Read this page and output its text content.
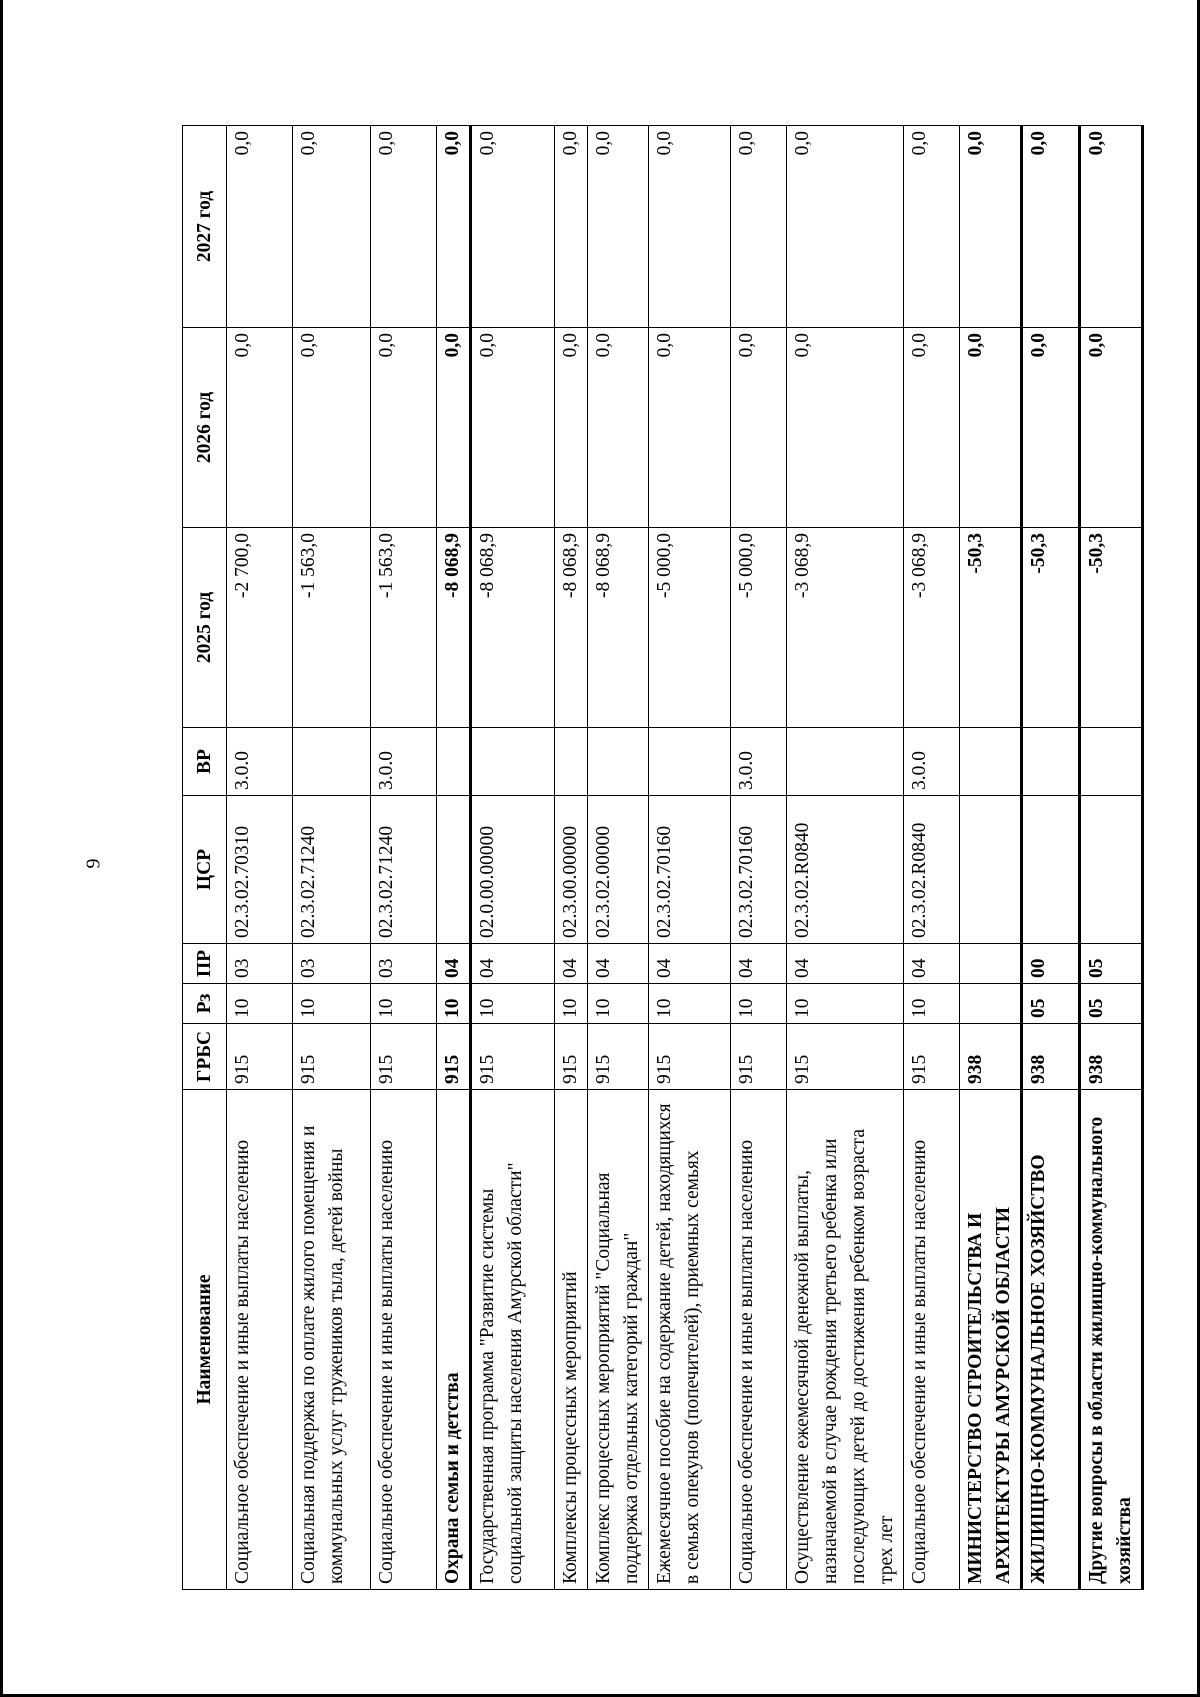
9
Наименование	ГРБС	Рз	ПР	ЦСР	ВР	2025 год	2026 год	2027 год
Социальное обеспечение и иные выплаты населению	915	10	03	02.3.02.70310	3.0.0	-2 700,0	0,0	0,0
Социальная поддержка по оплате жилого помещения и коммунальных услуг тружеников тыла, детей войны	915	10	03	02.3.02.71240		-1 563,0	0,0	0,0
Социальное обеспечение и иные выплаты населению	915	10	03	02.3.02.71240	3.0.0	-1 563,0	0,0	0,0
Охрана семьи и детства	915	10	04			-8 068,9	0,0	0,0
Государственная программа "Развитие системы социальной защиты населения Амурской области"	915	10	04	02.0.00.00000		-8 068,9	0,0	0,0
Комплексы процессных мероприятий	915	10	04	02.3.00.00000		-8 068,9	0,0	0,0
Комплекс процессных мероприятий "Социальная поддержка отдельных категорий граждан"	915	10	04	02.3.02.00000		-8 068,9	0,0	0,0
Ежемесячное пособие на содержание детей, находящихся в семьях опекунов (попечителей), приемных семьях	915	10	04	02.3.02.70160		-5 000,0	0,0	0,0
Социальное обеспечение и иные выплаты населению	915	10	04	02.3.02.70160	3.0.0	-5 000,0	0,0	0,0
Осуществление ежемесячной денежной выплаты, назначаемой в случае рождения третьего ребенка или последующих детей до достижения ребенком возраста трех лет	915	10	04	02.3.02.R0840		-3 068,9	0,0	0,0
Социальное обеспечение и иные выплаты населению	915	10	04	02.3.02.R0840	3.0.0	-3 068,9	0,0	0,0
МИНИСТЕРСТВО СТРОИТЕЛЬСТВА И АРХИТЕКТУРЫ АМУРСКОЙ ОБЛАСТИ	938					-50,3	0,0	0,0
ЖИЛИЩНО-КОММУНАЛЬНОЕ ХОЗЯЙСТВО	938	05	00			-50,3	0,0	0,0
Другие вопросы в области жилищно-коммунального хозяйства	938	05	05			-50,3	0,0	0,0
